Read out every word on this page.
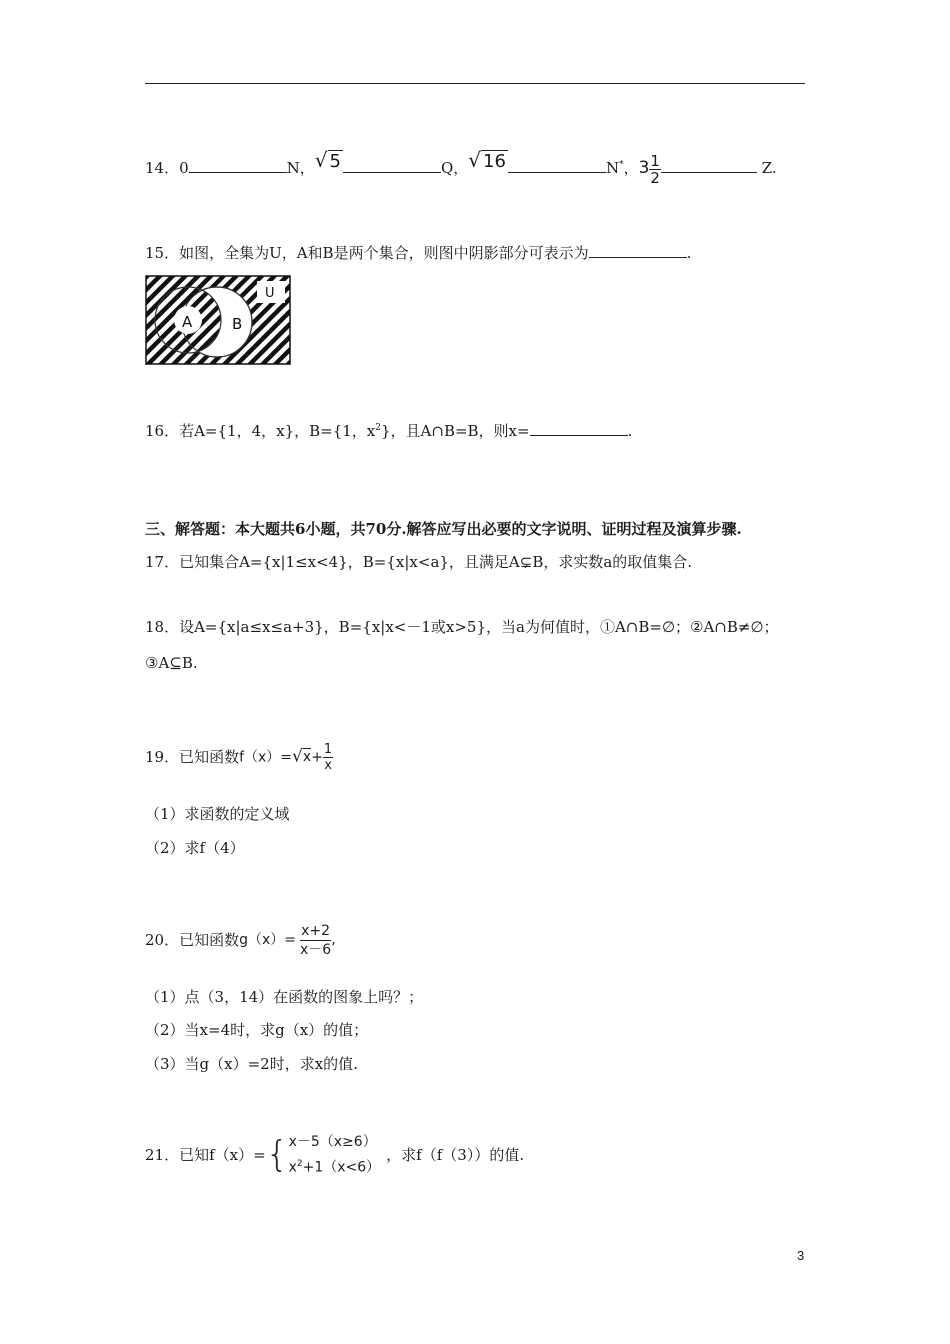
14．0	N，√ 5	Q，√ 16	N*，$3 \frac{1}{2}$	Z.
15．如图，全集为U，A和B是两个集合，则图中阴影部分可表示为	.
A	B
U
16．若A={1，4，x}，B={1，$x^2$}，且A∩B=B，则x=	.
三、解答题：本大题共6小题，共70分.解答应写出必要的文字说明、证明过程及演算步骤.
17．已知集合A={x|1≤x<4}，B={x|x<a}，且满足A⊊B，求实数a的取值集合.
18．设A={x|a≤x≤a+3}，B={x|x<－1或x>5}，当a为何值时，①A∩B=∅；②A∩B≠∅；
③A⊆B.
19．已知函数 $f(x)=√x+ \frac{1}{x}$
（1）求函数的定义域
（2）求f（4）
20．已知函数 $g(x)= \frac{x+2}{x-6}$ ,
（1）点（3，14）在函数的图象上吗？；
（2）当x=4时，求g（x）的值；
（3）当g（x）=2时，求x的值.
21．已知f（x）= { x－5（x≥6）
$x^2+1(x<6)$
，求f（f（3））的值.
3
